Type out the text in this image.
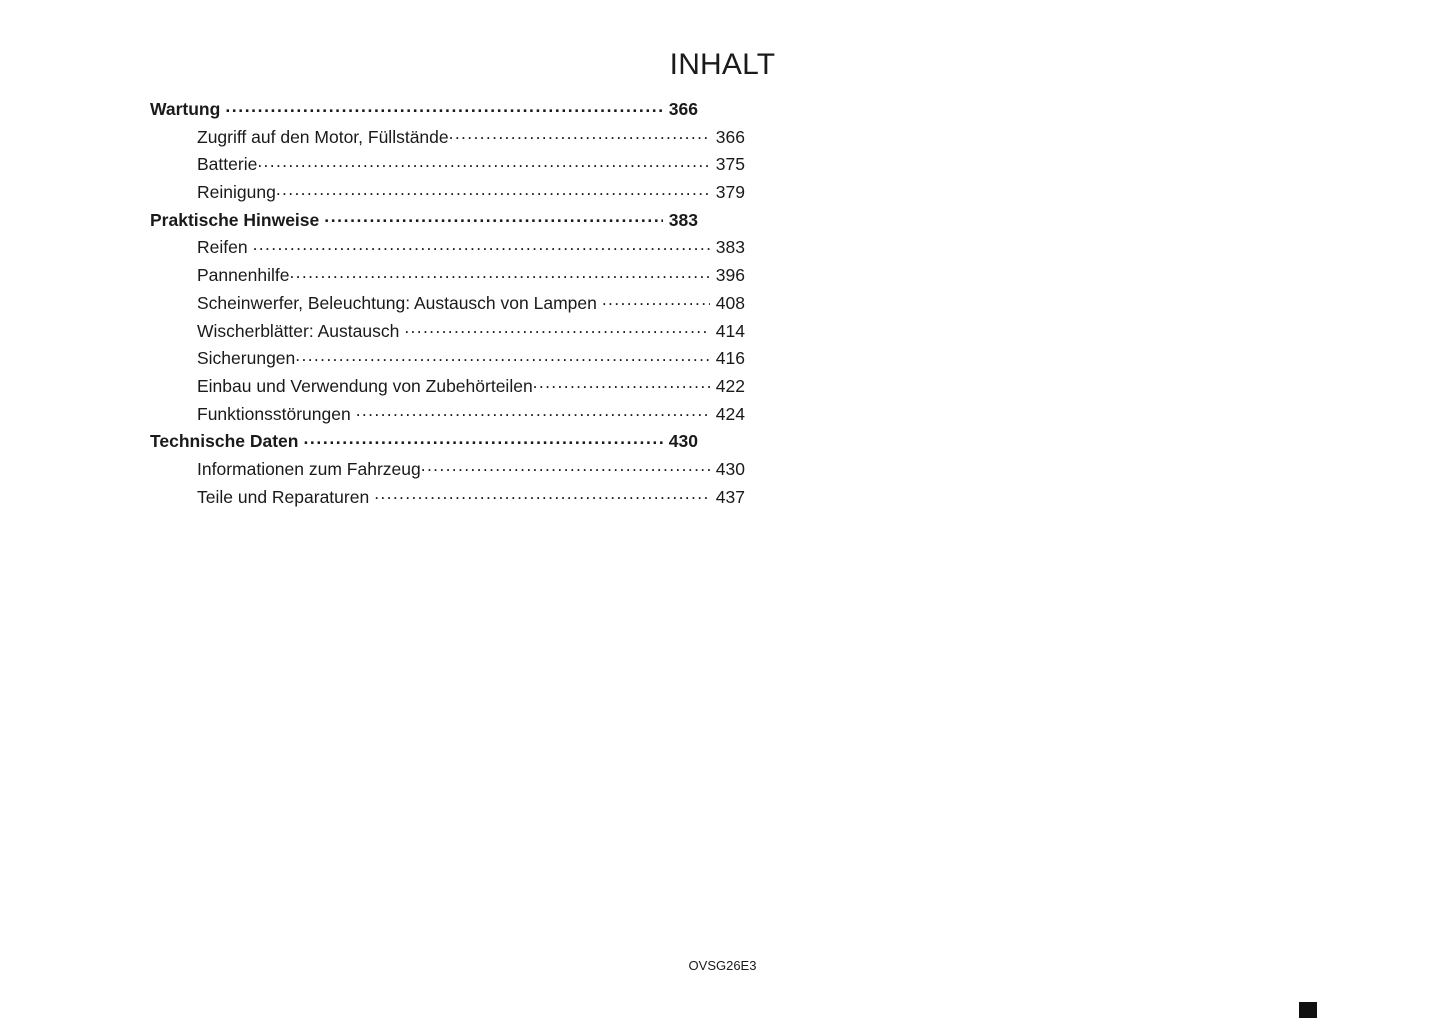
INHALT
Wartung .....	366
Zugriff auf den Motor, Füllstände .....	366
Batterie .....	375
Reinigung .....	379
Praktische Hinweise .....	383
Reifen .....	383
Pannenhilfe .....	396
Scheinwerfer, Beleuchtung: Austausch von Lampen .....	408
Wischerblätter: Austausch .....	414
Sicherungen .....	416
Einbau und Verwendung von Zubehörteilen .....	422
Funktionsstörungen .....	424
Technische Daten .....	430
Informationen zum Fahrzeug .....	430
Teile und Reparaturen .....	437
OVSG26E3
